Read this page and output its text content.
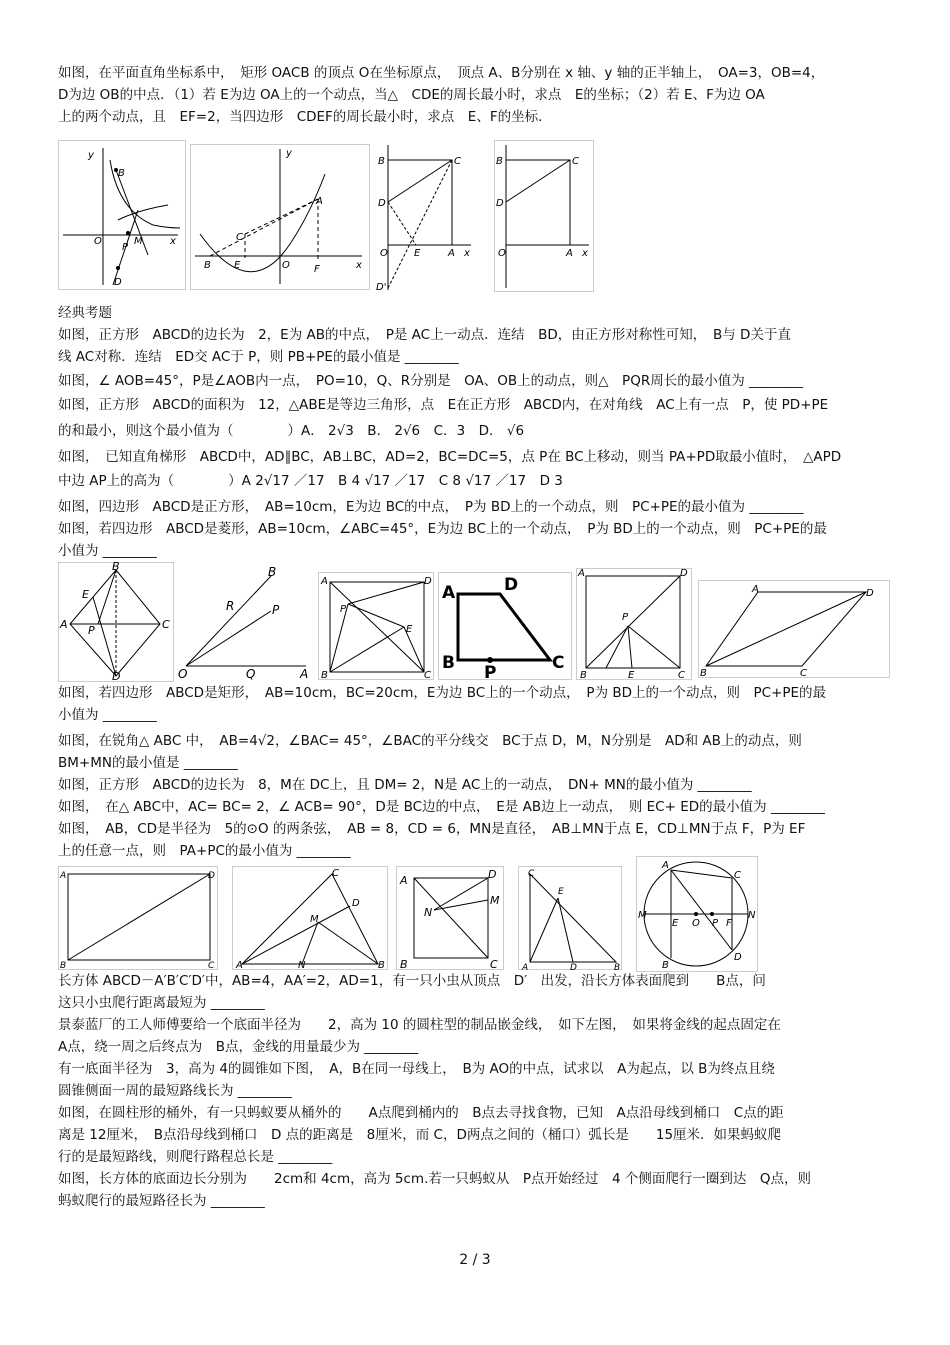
如图，在平面直角坐标系中，　矩形 OACB 的顶点 O在坐标原点，　顶点 A、B分别在 x 轴、y 轴的正半轴上，　OA=3，OB=4，
D为边 OB的中点．（1）若 E为边 OA上的一个动点，当△　CDE的周长最小时，求点　E的坐标；（2）若 E、F为边 OA
上的两个动点，且　EF=2，当四边形　CDEF的周长最小时，求点　E、F的坐标．
经典考题
如图，正方形　ABCD的边长为　2，E为 AB的中点，　P是 AC上一动点．连结　BD，由正方形对称性可知，　B与 D关于直
线 AC对称．连结　ED交 AC于 P，则 PB+PE的最小值是 ________
如图，∠ AOB=45°，P是∠AOB内一点，　PO=10，Q、R分别是　OA、OB上的动点，则△　PQR周长的最小值为 ________
如图，正方形　ABCD的面积为　12，△ABE是等边三角形，点　E在正方形　ABCD内，在对角线　AC上有一点　P，使 PD+PE
的和最小，则这个最小值为（　　　　）A． 2√3　B． 2√6　C．3　D． √6
如图，　已知直角梯形　ABCD中，AD∥BC，AB⊥BC，AD=2，BC=DC=5，点 P在 BC上移动，则当 PA+PD取最小值时，　△APD
中边 AP上的高为（　　　　）A 2√17 ／17　B 4 √17 ／17　C 8 √17 ／17　D 3
如图，四边形　ABCD是正方形，　AB=10cm，E为边 BC的中点，　P为 BD上的一个动点，则　PC+PE的最小值为 ________
如图，若四边形　ABCD是菱形，AB=10cm，∠ABC=45°，E为边 BC上的一个动点，　P为 BD上的一个动点，则　PC+PE的最
小值为 ________
如图，若四边形　ABCD是矩形，　AB=10cm，BC=20cm，E为边 BC上的一个动点，　P为 BD上的一个动点，则　PC+PE的最
小值为 ________
如图，在锐角△ ABC 中，　AB=4√2，∠BAC= 45°，∠BAC的平分线交　BC于点 D，M，N分别是　AD和 AB上的动点，则
BM+MN的最小值是 ________
如图，正方形　ABCD的边长为　8，M在 DC上，且 DM= 2，N是 AC上的一动点，　DN+ MN的最小值为 ________
如图，　在△ ABC中，AC= BC= 2，∠ ACB= 90°，D是 BC边的中点，　E是 AB边上一动点，　则 EC+ ED的最小值为 ________
如图，　AB，CD是半径为　5的⊙O 的两条弦，　AB = 8，CD = 6，MN是直径，　AB⊥MN于点 E，CD⊥MN于点 F，P为 EF
上的任意一点，则　PA+PC的最小值为 ________
长方体 ABCD－A′B′C′D′中，AB=4，AA′=2，AD=1，有一只小虫从顶点　D′　出发，沿长方体表面爬到　　B点，问
这只小虫爬行距离最短为 ________
景泰蓝厂的工人师傅要给一个底面半径为　　2，高为 10 的圆柱型的制品嵌金线，　如下左图，　如果将金线的起点固定在
A点，绕一周之后终点为　B点，金线的用量最少为 ________
有一底面半径为　3，高为 4的圆锥如下图，　A，B在同一母线上，　B为 AO的中点，试求以　A为起点，以 B为终点且绕
圆锥侧面一周的最短路线长为 ________
如图，在圆柱形的桶外，有一只蚂蚁要从桶外的　　A点爬到桶内的　B点去寻找食物，已知　A点沿母线到桶口　C点的距
离是 12厘米，　B点沿母线到桶口　D 点的距离是　8厘米，而 C，D两点之间的（桶口）弧长是　　15厘米．如果蚂蚁爬
行的是最短路线，则爬行路程总长是 ________
如图，长方体的底面边长分别为　　2cm和 4cm，高为 5cm.若一只蚂蚁从　P点开始经过　4 个侧面爬行一圈到达　Q点，则
蚂蚁爬行的最短路径长为 ________
y
B
O	x
P
M
D
y
A
C
B E	O F	x
B	C
D
O	E	A x
D'
B	C
D
O	A x
B
E
A P	C
D
B
R	P
O	Q	A
A	D
P
E
B	C
A	D
B P	C
A	D
P
B	E	C
A	D
B	C
A	D
B	C
C
M
D
A	N	B
A	D
N
M
B	C
C
E
A	D	B
A
C
M
E O P F
N
B
D
2 / 3
